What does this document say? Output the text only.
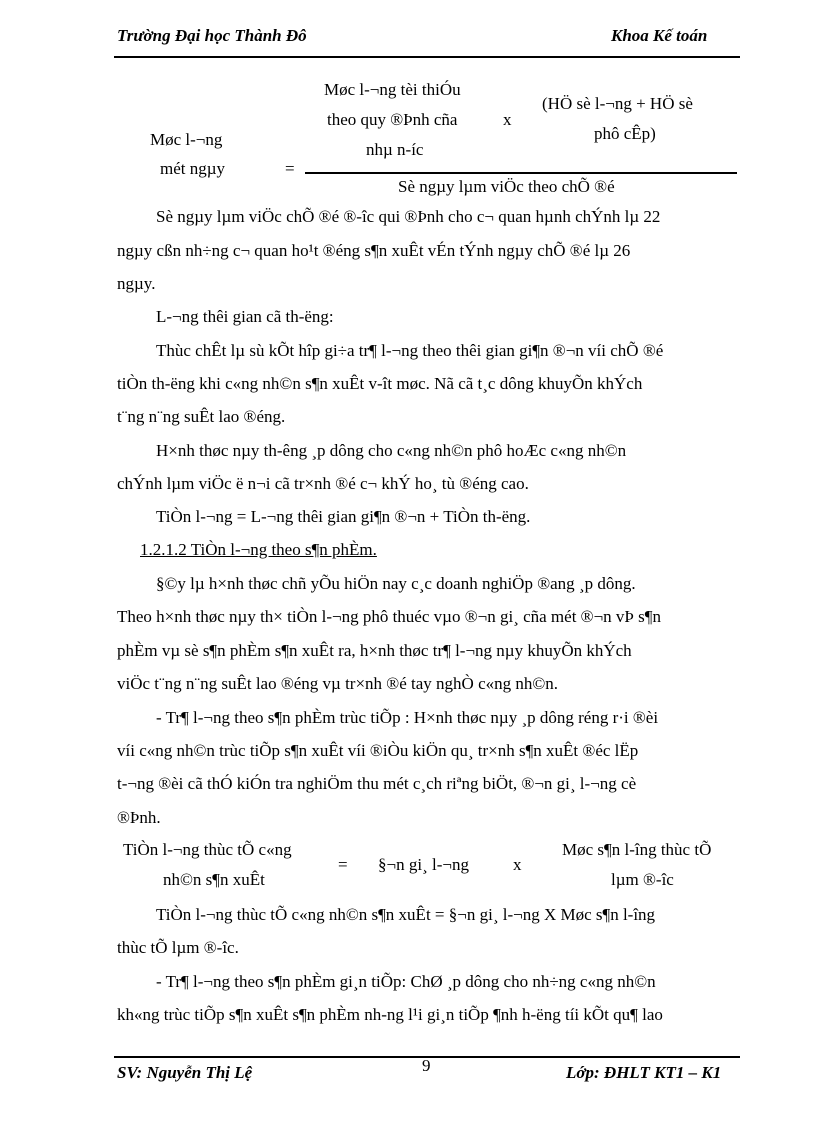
Trường Đại học Thành Đô	Khoa Kế toán
Møc l-¬ng tèi thiÓu
theo quy ®Þnh cña
nhµ n-íc
x
(HÖ sè l-¬ng + HÖ sè
phô cÊp)
Møc l-¬ng
mét ngµy	=
Sè ngµy lµm viÖc theo chÕ ®é
Sè ngµy lµm viÖc chÕ ®é ®-îc qui ®Þnh cho c¬ quan hµnh chÝnh lµ 22
ngµy cßn nh÷ng c¬ quan ho¹t ®éng s¶n xuÊt vÉn tÝnh ngµy chÕ ®é lµ 26
ngµy.
L-¬ng thêi gian cã th-ëng:
Thùc chÊt lµ sù kÕt hîp gi÷a tr¶ l-¬ng theo thêi gian gi¶n ®¬n víi chÕ ®é
tiÒn th-ëng khi c«ng nh©n s¶n xuÊt v-ît møc. Nã cã t¸c dông khuyÕn khÝch
t¨ng n¨ng suÊt lao ®éng.
H×nh thøc nµy th-êng ¸p dông cho c«ng nh©n phô hoÆc c«ng nh©n
chÝnh lµm viÖc ë n¬i cã tr×nh ®é c¬ khÝ ho¸ tù ®éng cao.
TiÒn l-¬ng = L-¬ng thêi gian gi¶n ®¬n + TiÒn th-ëng.
1.2.1.2 TiÒn l-¬ng theo s¶n phÈm.
§©y lµ h×nh thøc chñ yÕu hiÖn nay c¸c doanh nghiÖp ®ang ¸p dông.
Theo h×nh thøc nµy th× tiÒn l-¬ng phô thuéc vµo ®¬n gi¸ cña mét ®¬n vÞ s¶n
phÈm vµ sè s¶n phÈm s¶n xuÊt ra, h×nh thøc tr¶ l-¬ng nµy khuyÕn khÝch
viÖc t¨ng n¨ng suÊt lao ®éng vµ tr×nh ®é tay nghÒ c«ng nh©n.
- Tr¶ l-¬ng theo s¶n phÈm trùc tiÕp : H×nh thøc nµy ¸p dông réng r·i ®èi
víi c«ng nh©n trùc tiÕp s¶n xuÊt víi ®iÒu kiÖn qu¸ tr×nh s¶n xuÊt ®éc lËp
t-¬ng ®èi cã thÓ kiÓn tra nghiÖm thu mét c¸ch riªng biÖt, ®¬n gi¸ l-¬ng cè
®Þnh.
TiÒn l-¬ng thùc tÕ c«ng
nh©n s¶n xuÊt
= §¬n gi¸ l-¬ng	x
Møc s¶n l-îng thùc tÕ
lµm ®-îc
TiÒn l-¬ng thùc tÕ c«ng nh©n s¶n xuÊt = §¬n gi¸ l-¬ng X Møc s¶n l-îng
thùc tÕ lµm ®-îc.
- Tr¶ l-¬ng theo s¶n phÈm gi¸n tiÕp: ChØ ¸p dông cho nh÷ng c«ng nh©n
kh«ng trùc tiÕp s¶n xuÊt s¶n phÈm nh-ng l¹i gi¸n tiÕp ¶nh h-ëng tíi kÕt qu¶ lao
SV: Nguyễn Thị Lệ	9	Lớp: ĐHLT KT1 – K1
